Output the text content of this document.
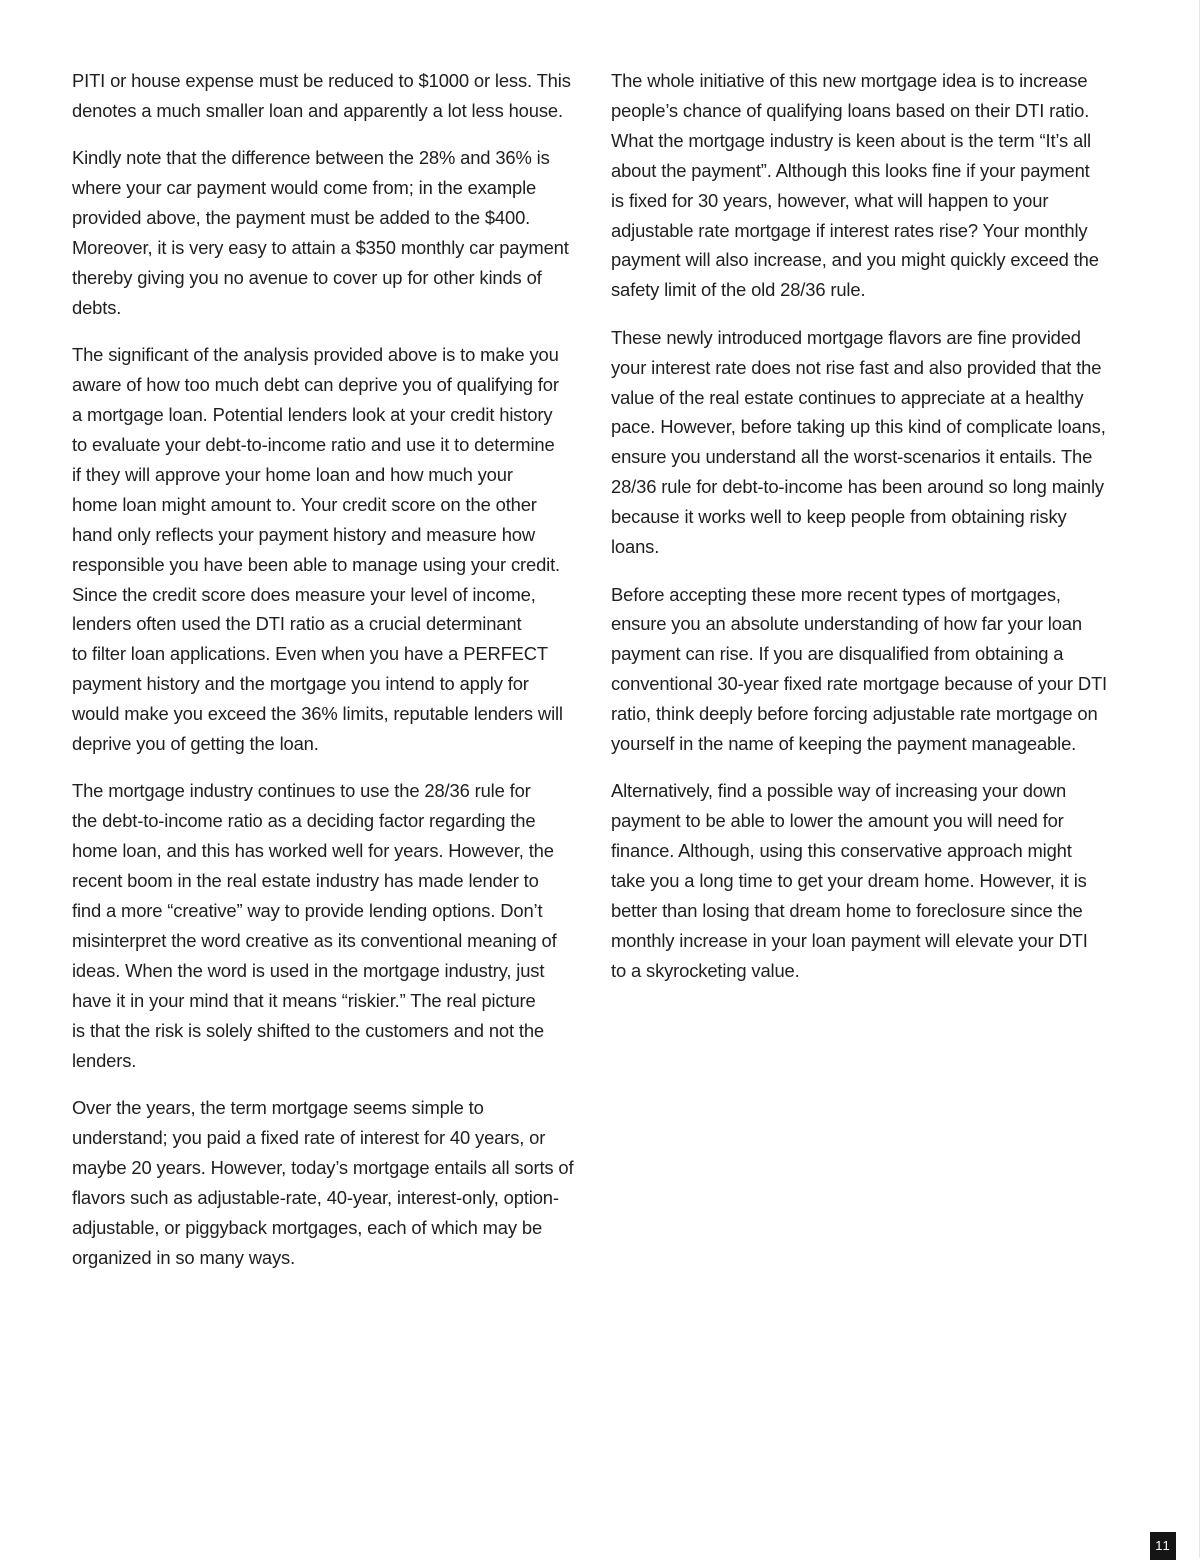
PITI or house expense must be reduced to $1000 or less. This
denotes a much smaller loan and apparently a lot less house.

Kindly note that the difference between the 28% and 36% is
where your car payment would come from; in the example
provided above, the payment must be added to the $400.
Moreover, it is very easy to attain a $350 monthly car payment
thereby giving you no avenue to cover up for other kinds of
debts.

The significant of the analysis provided above is to make you
aware of how too much debt can deprive you of qualifying for
a mortgage loan. Potential lenders look at your credit history
to evaluate your debt-to-income ratio and use it to determine
if they will approve your home loan and how much your
home loan might amount to. Your credit score on the other
hand only reflects your payment history and measure how
responsible you have been able to manage using your credit.
Since the credit score does measure your level of income,
lenders often used the DTI ratio as a crucial determinant
to filter loan applications. Even when you have a PERFECT
payment history and the mortgage you intend to apply for
would make you exceed the 36% limits, reputable lenders will
deprive you of getting the loan.

The mortgage industry continues to use the 28/36 rule for
the debt-to-income ratio as a deciding factor regarding the
home loan, and this has worked well for years. However, the
recent boom in the real estate industry has made lender to
find a more “creative” way to provide lending options. Don’t
misinterpret the word creative as its conventional meaning of
ideas. When the word is used in the mortgage industry, just
have it in your mind that it means “riskier.” The real picture
is that the risk is solely shifted to the customers and not the
lenders.

Over the years, the term mortgage seems simple to
understand; you paid a fixed rate of interest for 40 years, or
maybe 20 years. However, today’s mortgage entails all sorts of
flavors such as adjustable-rate, 40-year, interest-only, option-
adjustable, or piggyback mortgages, each of which may be
organized in so many ways.

The whole initiative of this new mortgage idea is to increase
people’s chance of qualifying loans based on their DTI ratio.
What the mortgage industry is keen about is the term “It’s all
about the payment”. Although this looks fine if your payment
is fixed for 30 years, however, what will happen to your
adjustable rate mortgage if interest rates rise? Your monthly
payment will also increase, and you might quickly exceed the
safety limit of the old 28/36 rule.

These newly introduced mortgage flavors are fine provided
your interest rate does not rise fast and also provided that the
value of the real estate continues to appreciate at a healthy
pace. However, before taking up this kind of complicate loans,
ensure you understand all the worst-scenarios it entails. The
28/36 rule for debt-to-income has been around so long mainly
because it works well to keep people from obtaining risky
loans.

Before accepting these more recent types of mortgages,
ensure you an absolute understanding of how far your loan
payment can rise. If you are disqualified from obtaining a
conventional 30-year fixed rate mortgage because of your DTI
ratio, think deeply before forcing adjustable rate mortgage on
yourself in the name of keeping the payment manageable.

Alternatively, find a possible way of increasing your down
payment to be able to lower the amount you will need for
finance. Although, using this conservative approach might
take you a long time to get your dream home. However, it is
better than losing that dream home to foreclosure since the
monthly increase in your loan payment will elevate your DTI
to a skyrocketing value.

11
